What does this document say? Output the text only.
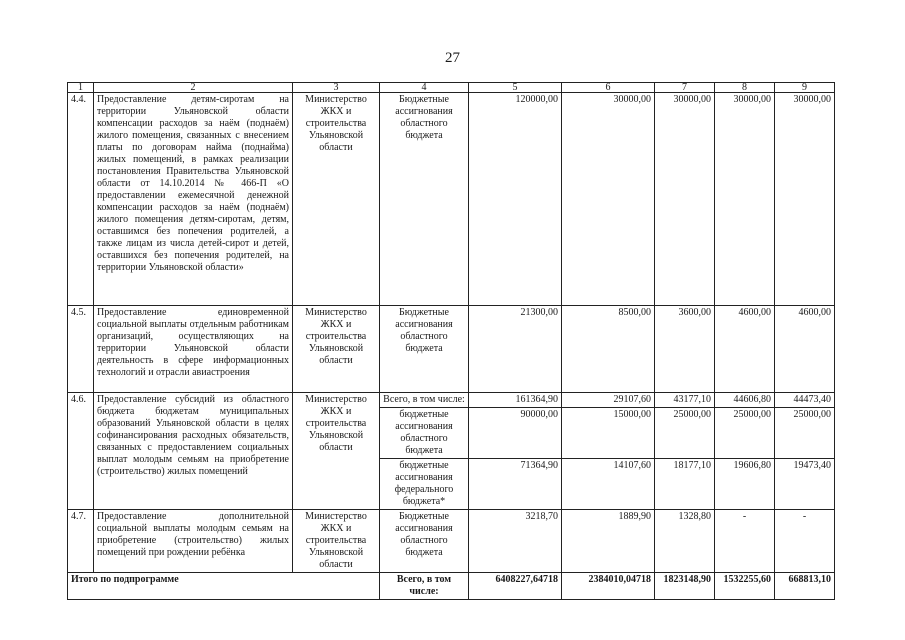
27
1	2	3	4	5	6	7	8	9
4.4.	Предоставление детям-сиротам на территории Ульяновской области компенсации расходов за наём (поднаём) жилого помещения, связанных с внесением платы по договорам найма (поднайма) жилых помещений, в рамках реализации постановления Правительства Ульяновской области от 14.10.2014 № 466-П «О предоставлении ежемесячной денежной компенсации расходов за наём (поднаём) жилого помещения детям-сиротам, детям, оставшимся без попечения родителей, а также лицам из числа детей-сирот и детей, оставшихся без попечения родителей, на территории Ульяновской области»	Министерство ЖКХ и строительства Ульяновской области	Бюджетные ассигнования областного бюджета	120000,00	30000,00	30000,00	30000,00	30000,00
4.5.	Предоставление единовременной социальной выплаты отдельным работникам организаций, осуществляющих на территории Ульяновской области деятельность в сфере информационных технологий и отрасли авиастроения	Министерство ЖКХ и строительства Ульяновской области	Бюджетные ассигнования областного бюджета	21300,00	8500,00	3600,00	4600,00	4600,00
4.6.	Предоставление субсидий из областного бюджета бюджетам муниципальных образований Ульяновской области в целях софинансирования расходных обязательств, связанных с предоставлением социальных выплат молодым семьям на приобретение (строительство) жилых помещений	Министерство ЖКХ и строительства Ульяновской области	Всего, в том числе:	161364,90	29107,60	43177,10	44606,80	44473,40
			бюджетные ассигнования областного бюджета	90000,00	15000,00	25000,00	25000,00	25000,00
			бюджетные ассигнования федерального бюджета*	71364,90	14107,60	18177,10	19606,80	19473,40
4.7.	Предоставление дополнительной социальной выплаты молодым семьям на приобретение (строительство) жилых помещений при рождении ребёнка	Министерство ЖКХ и строительства Ульяновской области	Бюджетные ассигнования областного бюджета	3218,70	1889,90	1328,80	-	-
Итого по подпрограмме			Всего, в том числе:	6408227,64718	2384010,04718	1823148,90	1532255,60	668813,10
